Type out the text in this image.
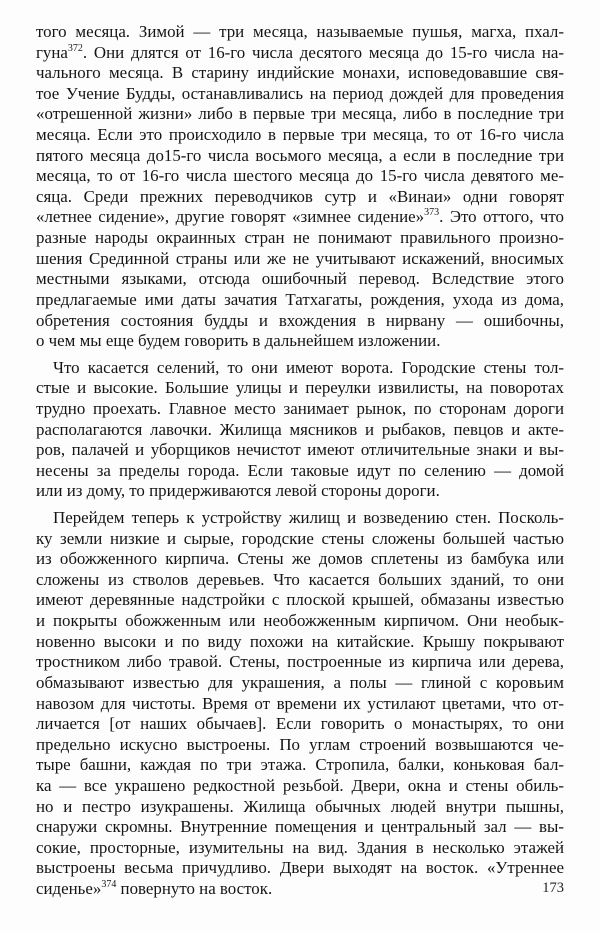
того месяца. Зимой — три месяца, называемые пушья, магха, пхал-
гуна$^{372}$. Они длятся от 16-го числа десятого месяца до 15-го числа на-
чального месяца. В старину индийские монахи, исповедовавшие свя-
тое Учение Будды, останавливались на период дождей для проведения
«отрешенной жизни» либо в первые три месяца, либо в последние три
месяца. Если это происходило в первые три месяца, то от 16-го числа
пятого месяца до15-го числа восьмого месяца, а если в последние три
месяца, то от 16-го числа шестого месяца до 15-го числа девятого ме-
сяца. Среди прежних переводчиков сутр и «Винаи» одни говорят
«летнее сидение», другие говорят «зимнее сидение»$^{373}$. Это оттого, что
разные народы окраинных стран не понимают правильного произно-
шения Срединной страны или же не учитывают искажений, вносимых
местными языками, отсюда ошибочный перевод. Вследствие этого
предлагаемые ими даты зачатия Татхагаты, рождения, ухода из дома,
обретения состояния будды и вхождения в нирвану — ошибочны,
о чем мы еще будем говорить в дальнейшем изложении.
Что касается селений, то они имеют ворота. Городские стены тол-
стые и высокие. Большие улицы и переулки извилисты, на поворотах
трудно проехать. Главное место занимает рынок, по сторонам дороги
располагаются лавочки. Жилища мясников и рыбаков, певцов и акте-
ров, палачей и уборщиков нечистот имеют отличительные знаки и вы-
несены за пределы города. Если таковые идут по селению — домой
или из дому, то придерживаются левой стороны дороги.
Перейдем теперь к устройству жилищ и возведению стен. Посколь-
ку земли низкие и сырые, городские стены сложены большей частью
из обожженного кирпича. Стены же домов сплетены из бамбука или
сложены из стволов деревьев. Что касается больших зданий, то они
имеют деревянные надстройки с плоской крышей, обмазаны известью
и покрыты обожженным или необожженным кирпичом. Они необык-
новенно высоки и по виду похожи на китайские. Крышу покрывают
тростником либо травой. Стены, построенные из кирпича или дерева,
обмазывают известью для украшения, а полы — глиной с коровьим
навозом для чистоты. Время от времени их устилают цветами, что от-
личается [от наших обычаев]. Если говорить о монастырях, то они
предельно искусно выстроены. По углам строений возвышаются че-
тыре башни, каждая по три этажа. Стропила, балки, коньковая бал-
ка — все украшено редкостной резьбой. Двери, окна и стены обиль-
но и пестро изукрашены. Жилища обычных людей внутри пышны,
снаружи скромны. Внутренние помещения и центральный зал — вы-
сокие, просторные, изумительны на вид. Здания в несколько этажей
выстроены весьма причудливо. Двери выходят на восток. «Утреннее
сиденье»$^{374}$ повернуто на восток.	173
